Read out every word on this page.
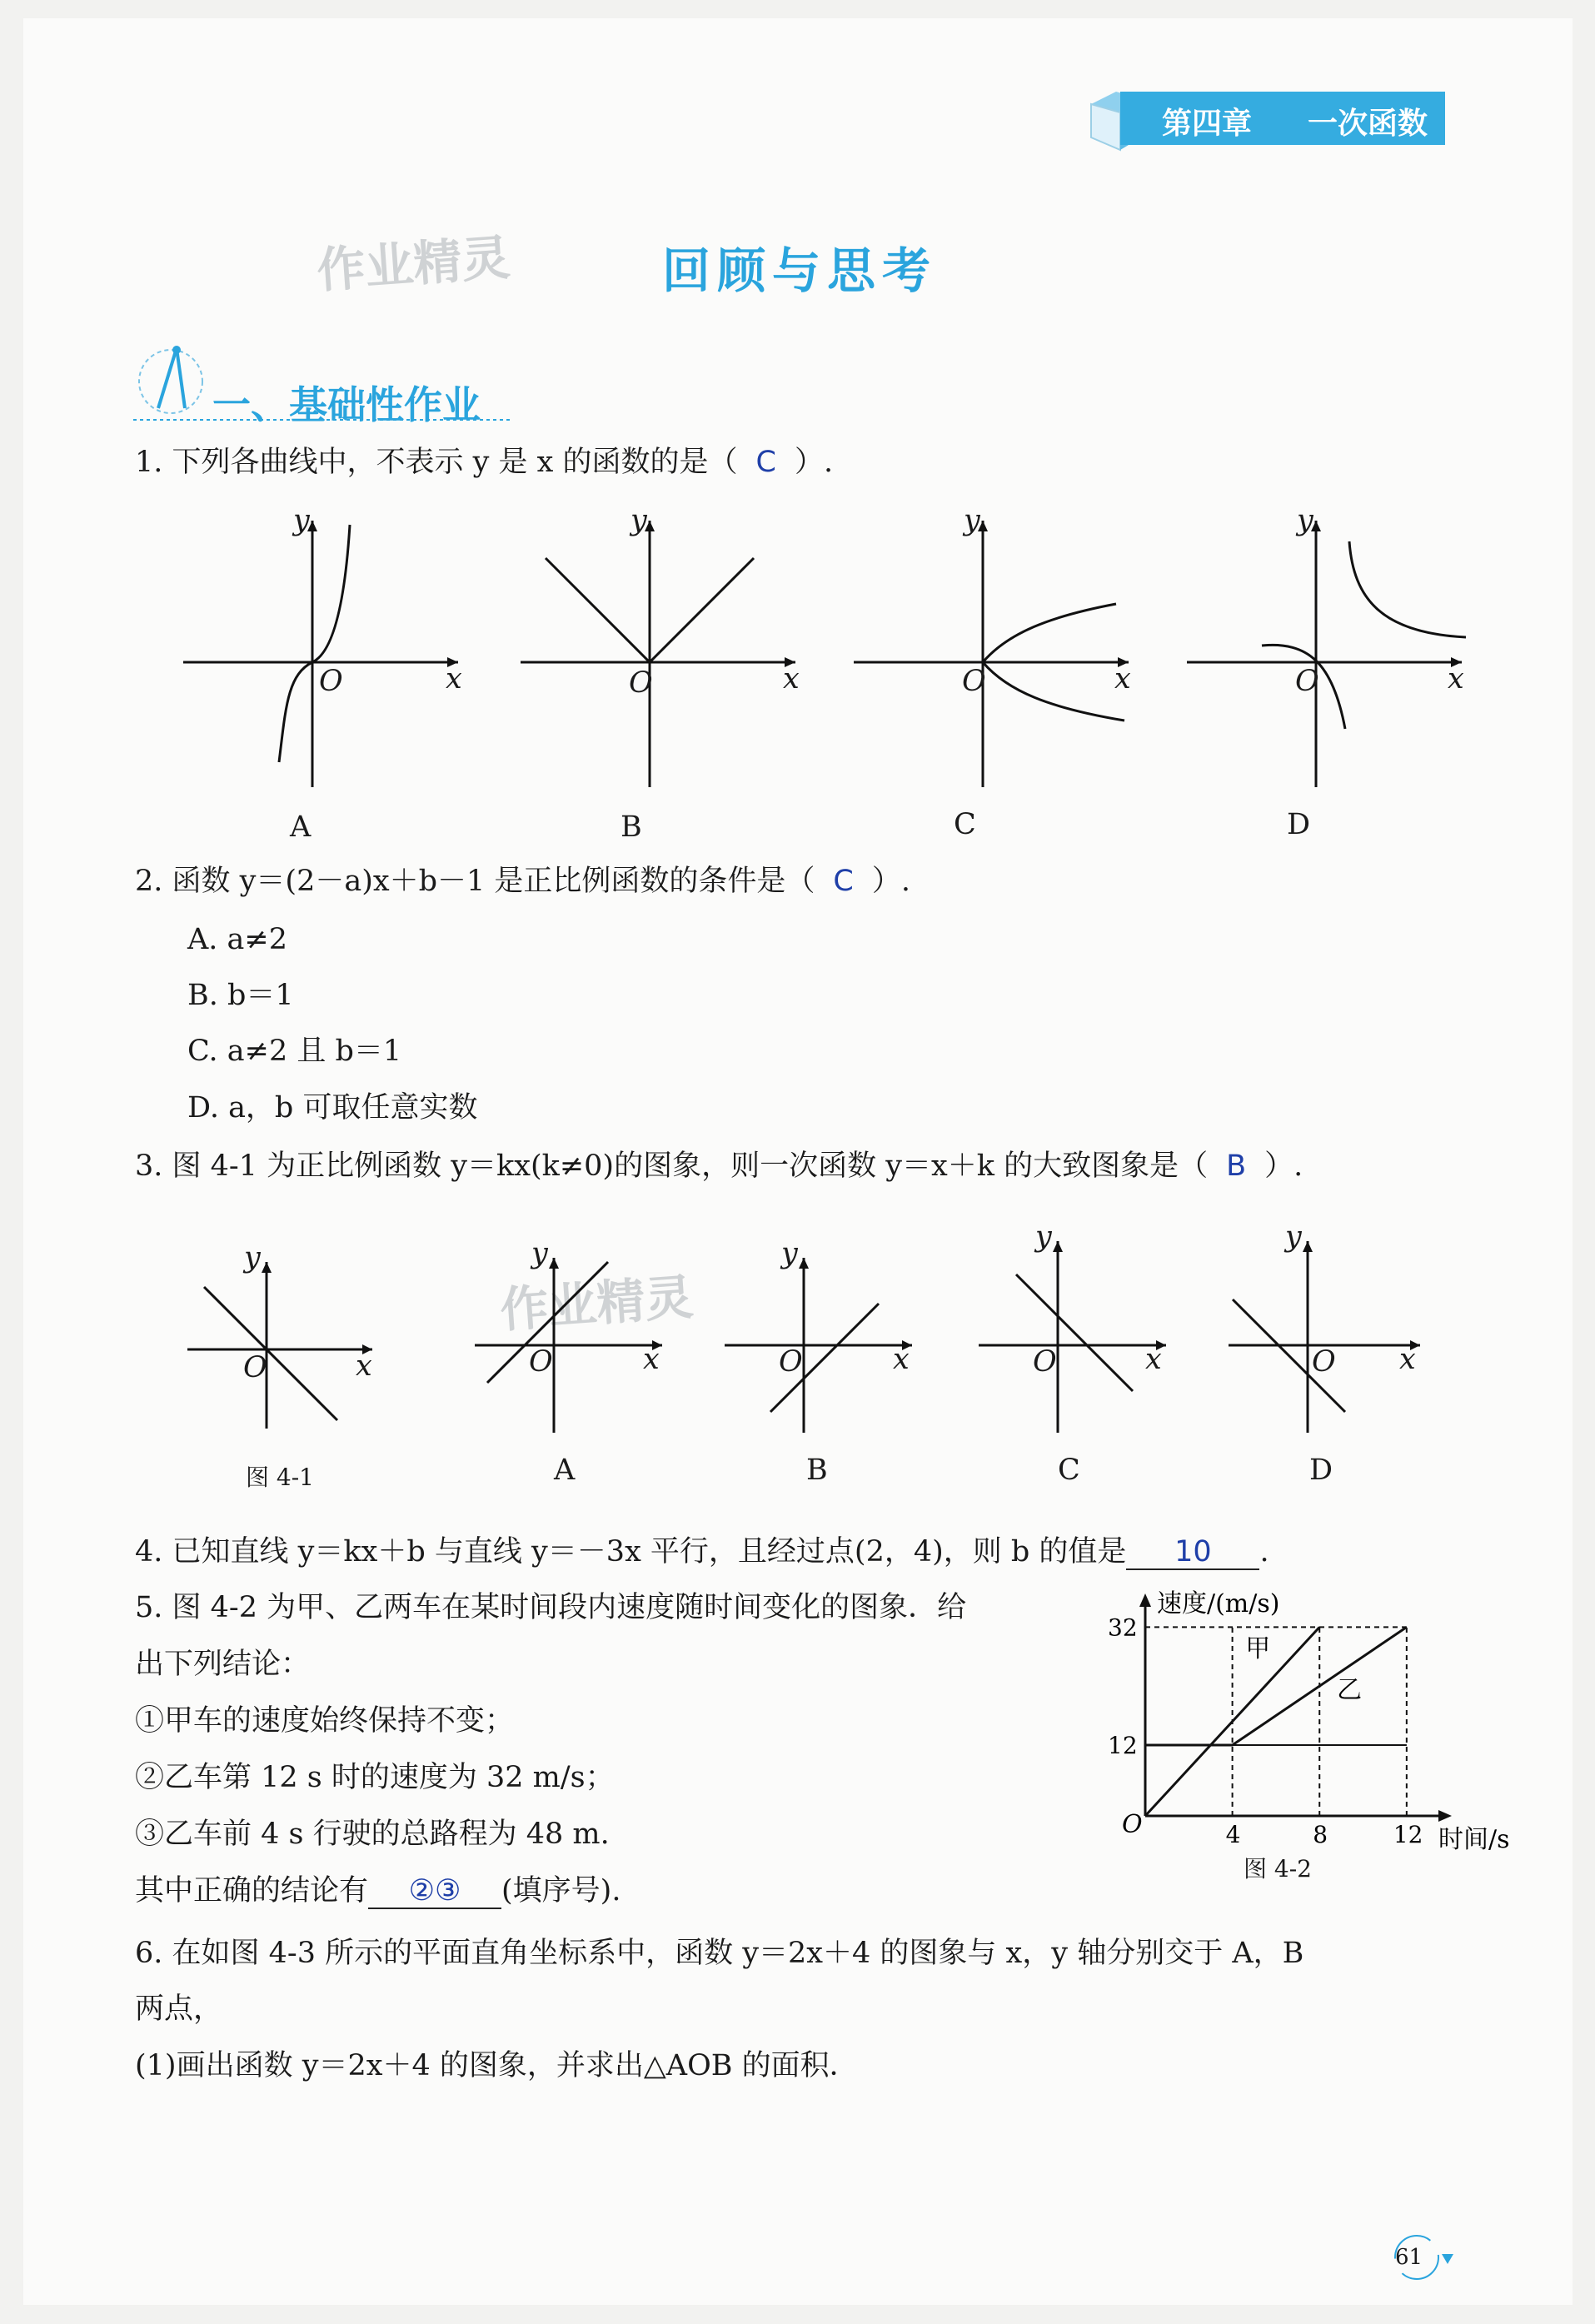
第四章 一次函数
作业精灵	回顾与思考
一、基础性作业
1. 下列各曲线中，不表示 y 是 x 的函数的是（ C ）.
y
x
O
y
x
O
y
x
O
y
x
O
A	B	C	D
2. 函数 y＝(2－a)x＋b－1 是正比例函数的条件是（ C ）.
A. a≠2
B. b＝1
C. a≠2 且 b＝1
D. a，b 可取任意实数
3. 图 4-1 为正比例函数 y＝kx(k≠0)的图象，则一次函数 y＝x＋k 的大致图象是（ B ）.
作业精灵
y
x
O
y
x
O
y
x
O
y
x
O
y
x
O
图 4-1	A	B	C	D
4. 已知直线 y＝kx＋b 与直线 y＝－3x 平行，且经过点(2，4)，则 b 的值是 10 .
5. 图 4-2 为甲、乙两车在某时间段内速度随时间变化的图象．给
出下列结论：
①甲车的速度始终保持不变；
②乙车第 12 s 时的速度为 32 m/s；
③乙车前 4 s 行驶的总路程为 48 m.
其中正确的结论有 ②③ (填序号).
速度/(m/s)
时间/s
O	4	8	12
12
32
甲
乙
图 4-2
6. 在如图 4-3 所示的平面直角坐标系中，函数 y＝2x＋4 的图象与 x，y 轴分别交于 A，B
两点，
(1)画出函数 y＝2x＋4 的图象，并求出△AOB 的面积．
61
